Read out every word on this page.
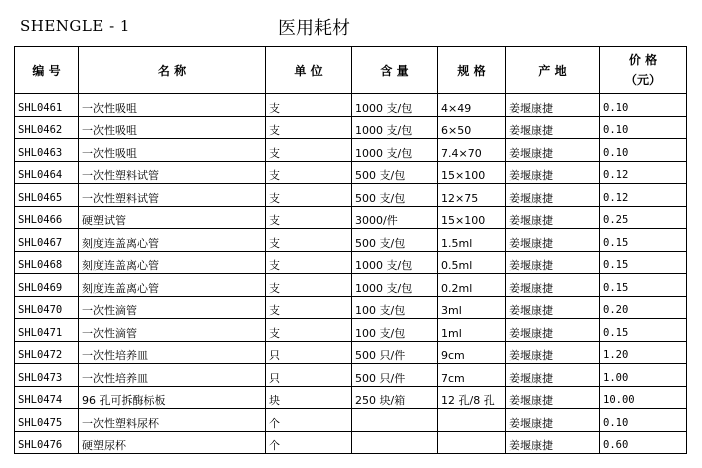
SHENGLE - 1	医用耗材
编 号	名 称	单 位	含 量	规 格	产 地	价 格
（元）

SHL0461	一次性吸咀	支	1000 支/包	4×49	姜堰康捷	0.10
SHL0462	一次性吸咀	支	1000 支/包	6×50	姜堰康捷	0.10
SHL0463	一次性吸咀	支	1000 支/包	7.4×70	姜堰康捷	0.10
SHL0464	一次性塑料试管	支	500 支/包	15×100	姜堰康捷	0.12
SHL0465	一次性塑料试管	支	500 支/包	12×75	姜堰康捷	0.12
SHL0466	硬塑试管	支	3000/件	15×100	姜堰康捷	0.25
SHL0467	刻度连盖离心管	支	500 支/包	1.5ml	姜堰康捷	0.15
SHL0468	刻度连盖离心管	支	1000 支/包	0.5ml	姜堰康捷	0.15
SHL0469	刻度连盖离心管	支	1000 支/包	0.2ml	姜堰康捷	0.15
SHL0470	一次性滴管	支	100 支/包	3ml	姜堰康捷	0.20
SHL0471	一次性滴管	支	100 支/包	1ml	姜堰康捷	0.15
SHL0472	一次性培养皿	只	500 只/件	9cm	姜堰康捷	1.20
SHL0473	一次性培养皿	只	500 只/件	7cm	姜堰康捷	1.00
SHL0474	96 孔可拆酶标板	块	250 块/箱	12 孔/8 孔	姜堰康捷	10.00
SHL0475	一次性塑料尿杯	个			姜堰康捷	0.10
SHL0476	硬塑尿杯	个			姜堰康捷	0.60
